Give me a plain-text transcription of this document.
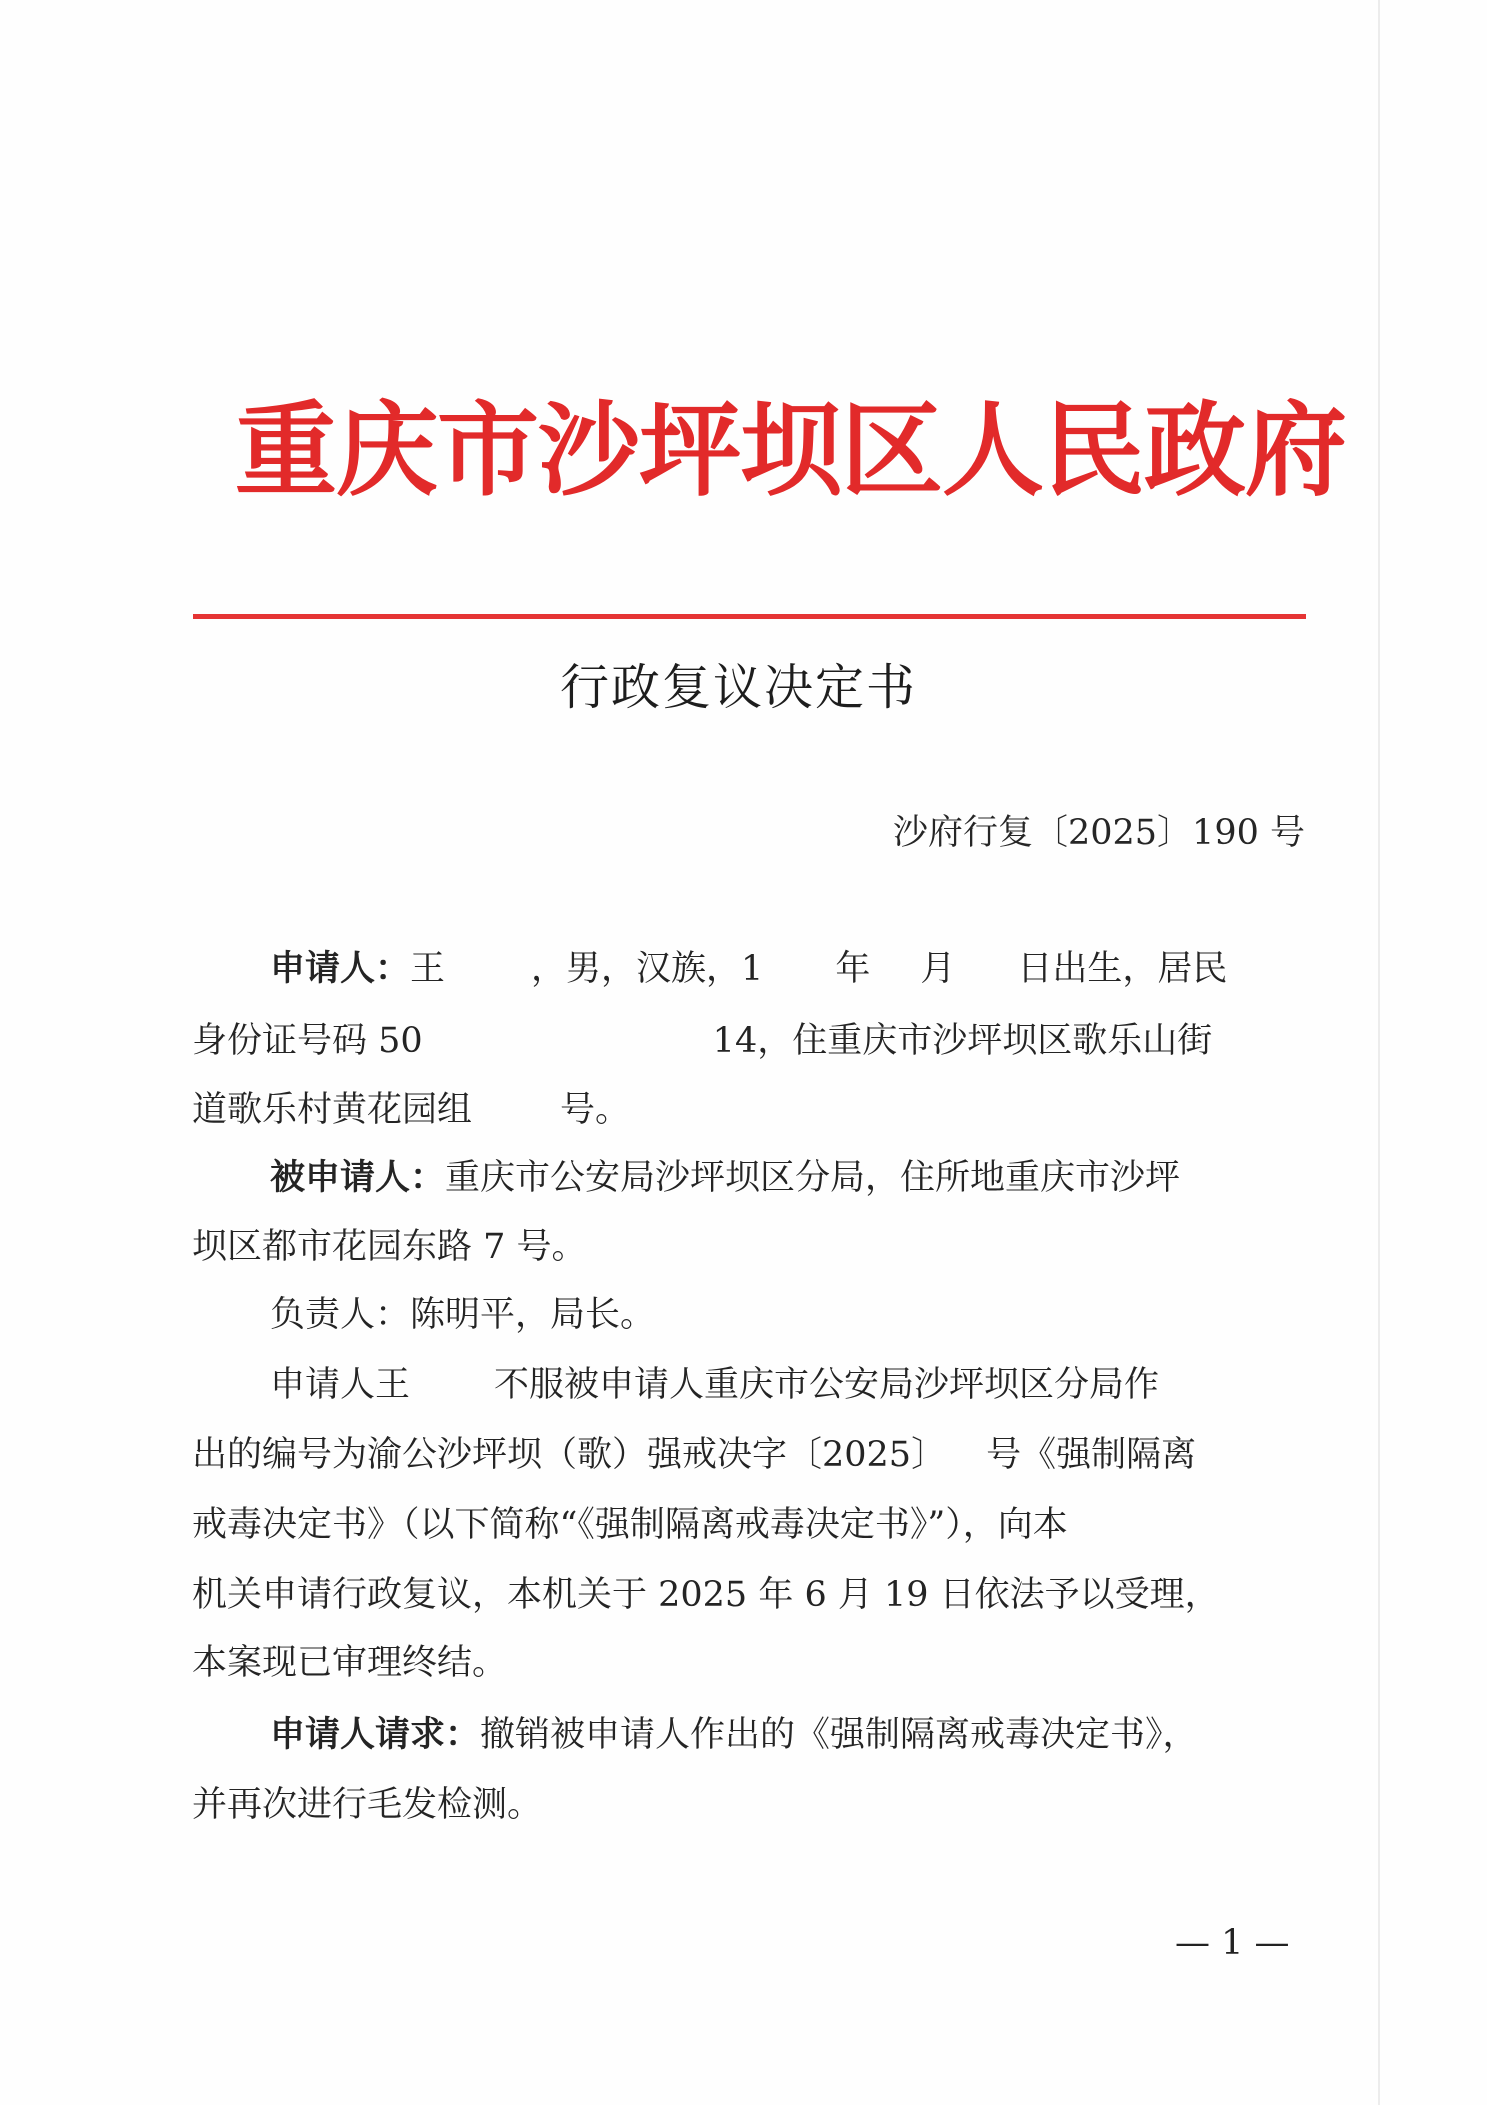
重庆市沙坪坝区人民政府
行政复议决定书
沙府行复〔2025〕190 号
申请人：王 ，男，汉族，1 年 月 日出生，居民
身份证号码 50	14，住重庆市沙坪坝区歌乐山街
道歌乐村黄花园组	号。
被申请人：重庆市公安局沙坪坝区分局，住所地重庆市沙坪
坝区都市花园东路 7 号。
负责人：陈明平，局长。
申请人王 不服被申请人重庆市公安局沙坪坝区分局作
出的编号为渝公沙坪坝（歌）强戒决字〔2025〕 号《强制隔离
戒毒决定书》（以下简称“《强制隔离戒毒决定书》”），向本
机关申请行政复议，本机关于 2025 年 6 月 19 日依法予以受理，
本案现已审理终结。
申请人请求：撤销被申请人作出的《强制隔离戒毒决定书》，
并再次进行毛发检测。
— 1 —
